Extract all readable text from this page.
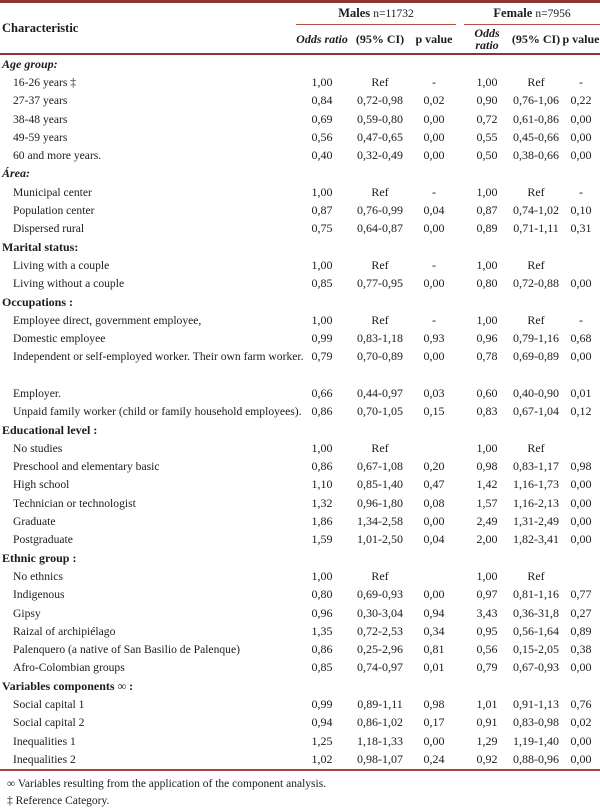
Characteristic	Males n=11732				Female n=7956		
	Odds ratio	(95% CI)	p value		Odds ratio	(95% CI)	p value
Age group:							
16-26 years ‡	1,00	Ref	-		1,00	Ref	-
27-37 years	0,84	0,72-0,98	0,02		0,90	0,76-1,06	0,22
38-48 years	0,69	0,59-0,80	0,00		0,72	0,61-0,86	0,00
49-59 years	0,56	0,47-0,65	0,00		0,55	0,45-0,66	0,00
60 and more years.	0,40	0,32-0,49	0,00		0,50	0,38-0,66	0,00
Área:							
Municipal center	1,00	Ref	-		1,00	Ref	-
Population center	0,87	0,76-0,99	0,04		0,87	0,74-1,02	0,10
Dispersed rural	0,75	0,64-0,87	0,00		0,89	0,71-1,11	0,31
Marital status:							
Living with a couple	1,00	Ref	-		1,00	Ref	
Living without a couple	0,85	0,77-0,95	0,00		0,80	0,72-0,88	0,00
Occupations :							
Employee direct, government employee,	1,00	Ref	-		1,00	Ref	-
Domestic employee	0,99	0,83-1,18	0,93		0,96	0,79-1,16	0,68
Independent or self-employed worker. Their own farm worker.	0,79	0,70-0,89	0,00		0,78	0,69-0,89	0,00

Employer.	0,66	0,44-0,97	0,03		0,60	0,40-0,90	0,01
Unpaid family worker (child or family household employees).	0,86	0,70-1,05	0,15		0,83	0,67-1,04	0,12
Educational level :							
No studies	1,00	Ref			1,00	Ref	
Preschool and elementary basic	0,86	0,67-1,08	0,20		0,98	0,83-1,17	0,98
High school	1,10	0,85-1,40	0,47		1,42	1,16-1,73	0,00
Technician or technologist	1,32	0,96-1,80	0,08		1,57	1,16-2,13	0,00
Graduate	1,86	1,34-2,58	0,00		2,49	1,31-2,49	0,00
Postgraduate	1,59	1,01-2,50	0,04		2,00	1,82-3,41	0,00
Ethnic group :							
No ethnics	1,00	Ref			1,00	Ref	
Indigenous	0,80	0,69-0,93	0,00		0,97	0,81-1,16	0,77
Gipsy	0,96	0,30-3,04	0,94		3,43	0,36-31,8	0,27
Raizal of archipiélago	1,35	0,72-2,53	0,34		0,95	0,56-1,64	0,89
Palenquero (a native of San Basilio de Palenque)	0,86	0,25-2,96	0,81		0,56	0,15-2,05	0,38
Afro-Colombian groups	0,85	0,74-0,97	0,01		0,79	0,67-0,93	0,00
Variables components ∞ :							
Social capital 1	0,99	0,89-1,11	0,98		1,01	0,91-1,13	0,76
Social capital 2	0,94	0,86-1,02	0,17		0,91	0,83-0,98	0,02
Inequalities 1	1,25	1,18-1,33	0,00		1,29	1,19-1,40	0,00
Inequalities 2	1,02	0,98-1,07	0,24		0,92	0,88-0,96	0,00
∞ Variables resulting from the application of the component analysis.
‡ Reference Category.
